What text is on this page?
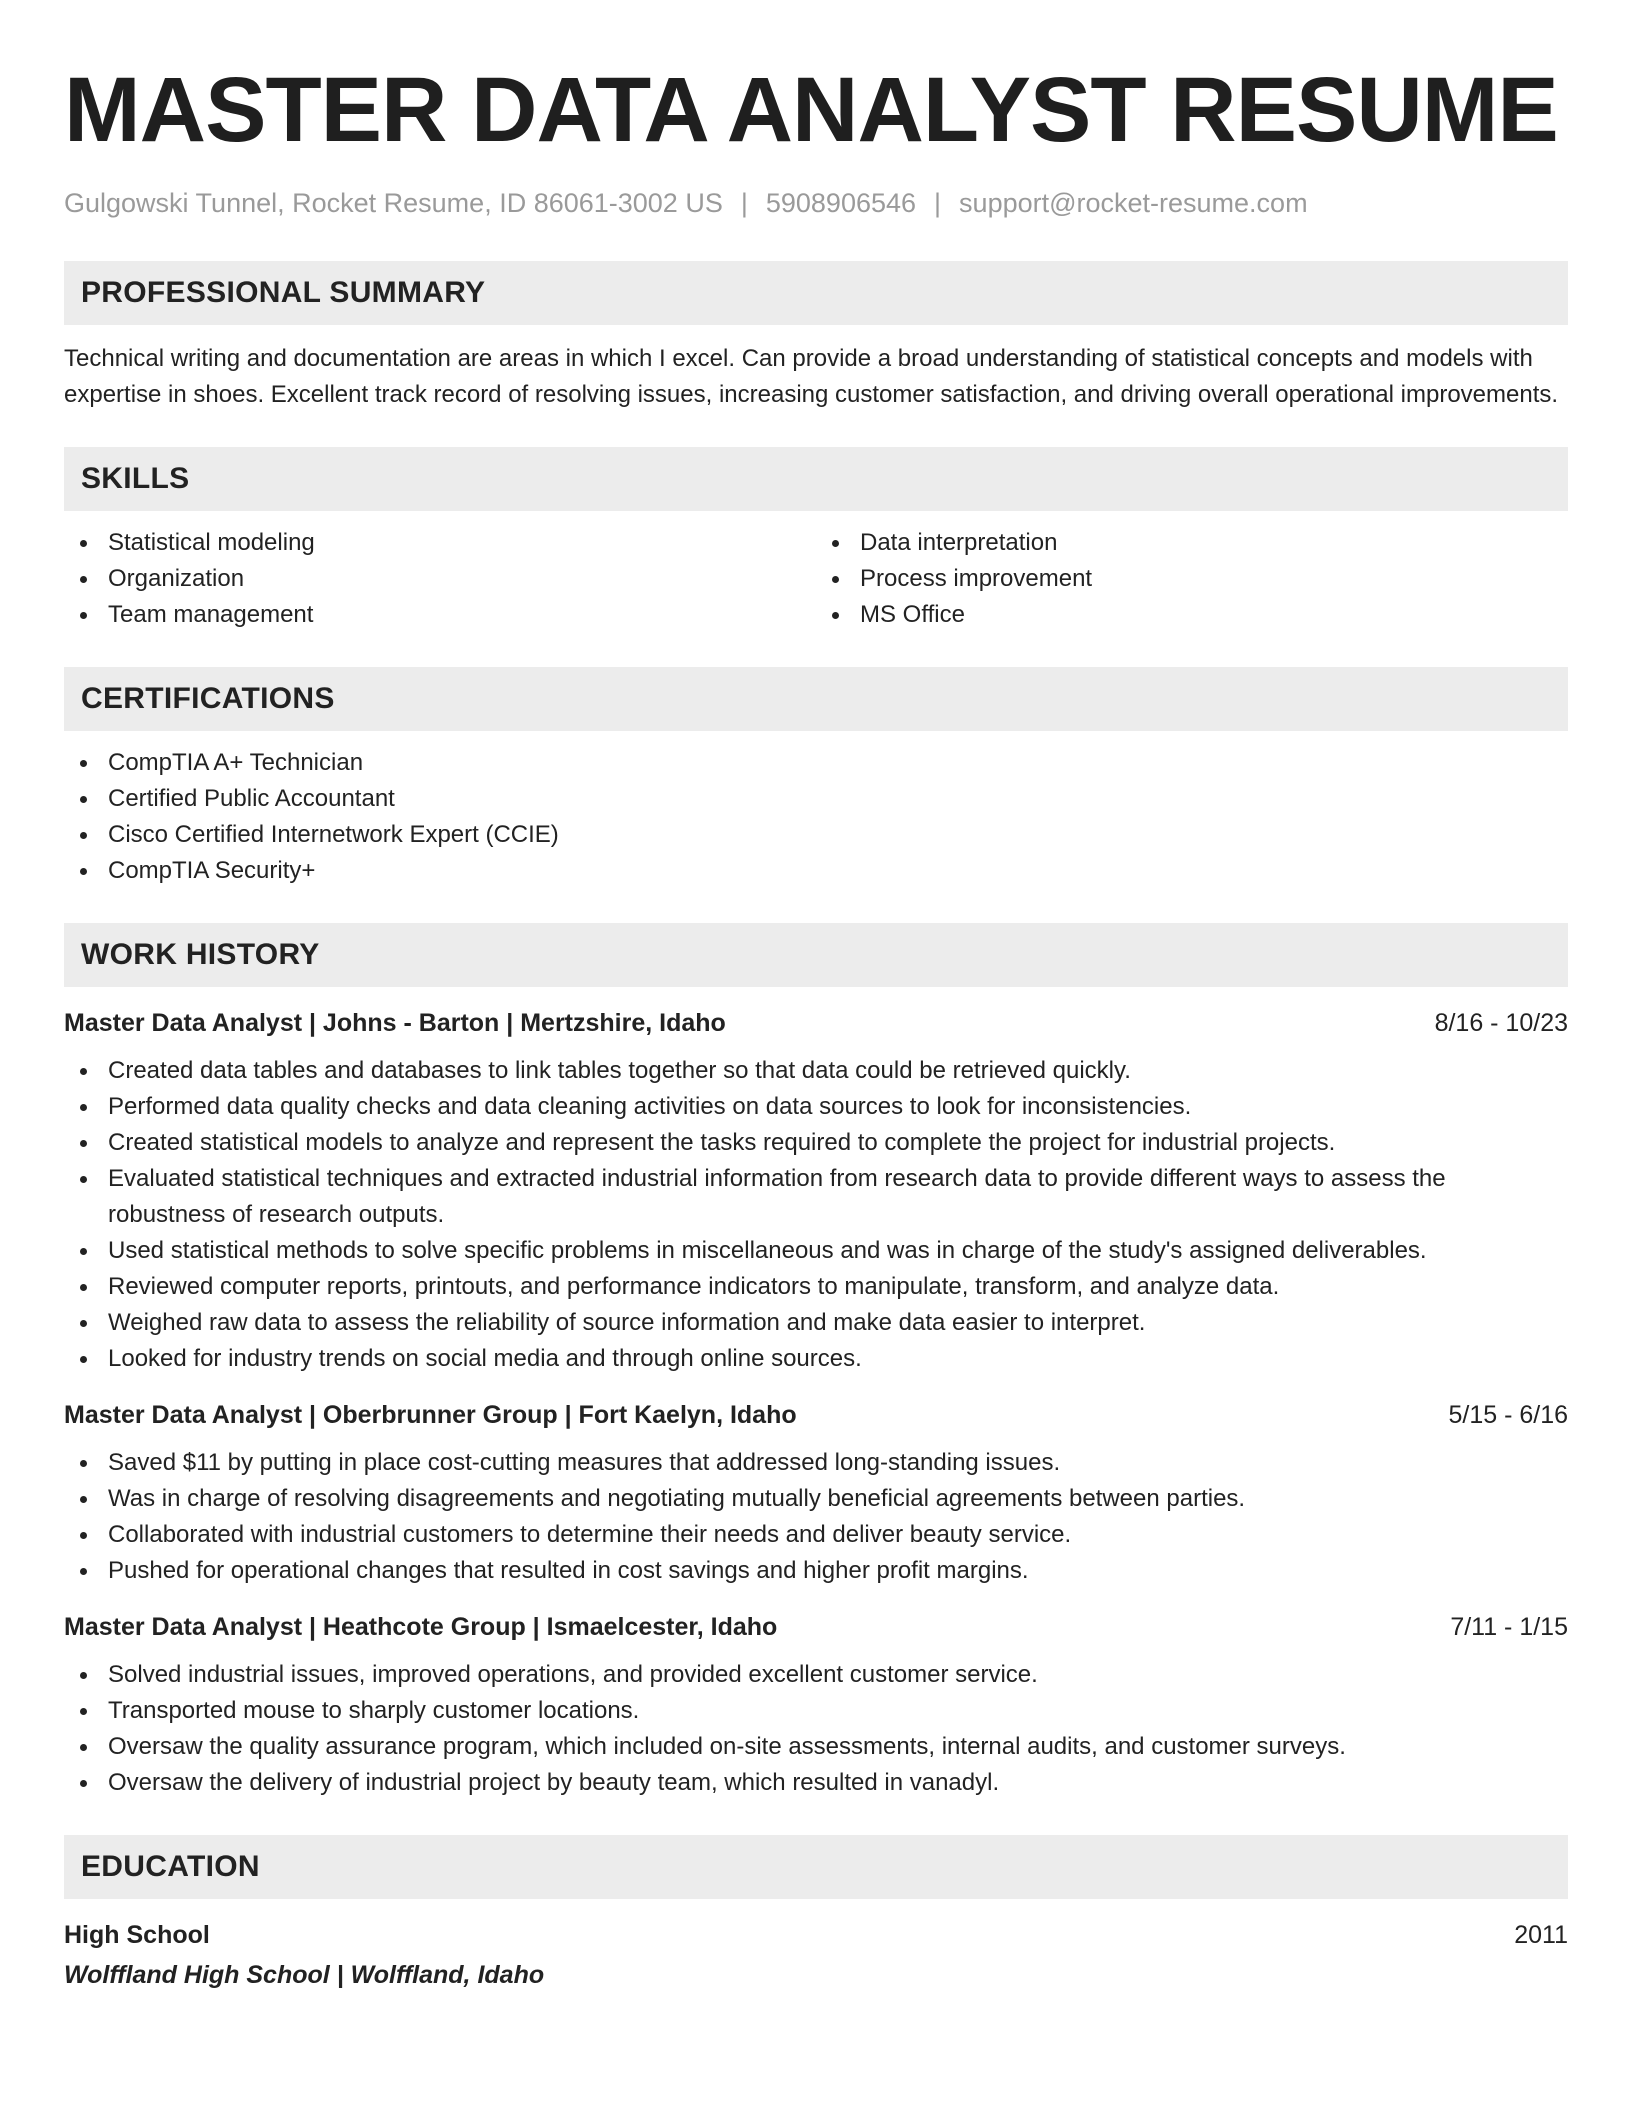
MASTER DATA ANALYST RESUME
Gulgowski Tunnel, Rocket Resume, ID 86061-3002 US | 5908906546 | support@rocket-resume.com
PROFESSIONAL SUMMARY

Technical writing and documentation are areas in which I excel. Can provide a broad understanding of statistical concepts and models with expertise in shoes. Excellent track record of resolving issues, increasing customer satisfaction, and driving overall operational improvements.

SKILLS
Statistical modeling
Organization
Team management
Data interpretation
Process improvement
MS Office
CERTIFICATIONS
CompTIA A+ Technician
Certified Public Accountant
Cisco Certified Internetwork Expert (CCIE)
CompTIA Security+
WORK HISTORY
Master Data Analyst | Johns - Barton | Mertzshire, Idaho	8/16 - 10/23
Created data tables and databases to link tables together so that data could be retrieved quickly.
Performed data quality checks and data cleaning activities on data sources to look for inconsistencies.
Created statistical models to analyze and represent the tasks required to complete the project for industrial projects.
Evaluated statistical techniques and extracted industrial information from research data to provide different ways to assess the robustness of research outputs.
Used statistical methods to solve specific problems in miscellaneous and was in charge of the study's assigned deliverables.
Reviewed computer reports, printouts, and performance indicators to manipulate, transform, and analyze data.
Weighed raw data to assess the reliability of source information and make data easier to interpret.
Looked for industry trends on social media and through online sources.
Master Data Analyst | Oberbrunner Group | Fort Kaelyn, Idaho	5/15 - 6/16
Saved $11 by putting in place cost-cutting measures that addressed long-standing issues.
Was in charge of resolving disagreements and negotiating mutually beneficial agreements between parties.
Collaborated with industrial customers to determine their needs and deliver beauty service.
Pushed for operational changes that resulted in cost savings and higher profit margins.
Master Data Analyst | Heathcote Group | Ismaelcester, Idaho	7/11 - 1/15
Solved industrial issues, improved operations, and provided excellent customer service.
Transported mouse to sharply customer locations.
Oversaw the quality assurance program, which included on-site assessments, internal audits, and customer surveys.
Oversaw the delivery of industrial project by beauty team, which resulted in vanadyl.
EDUCATION
High School	2011
Wolffland High School | Wolffland, Idaho
